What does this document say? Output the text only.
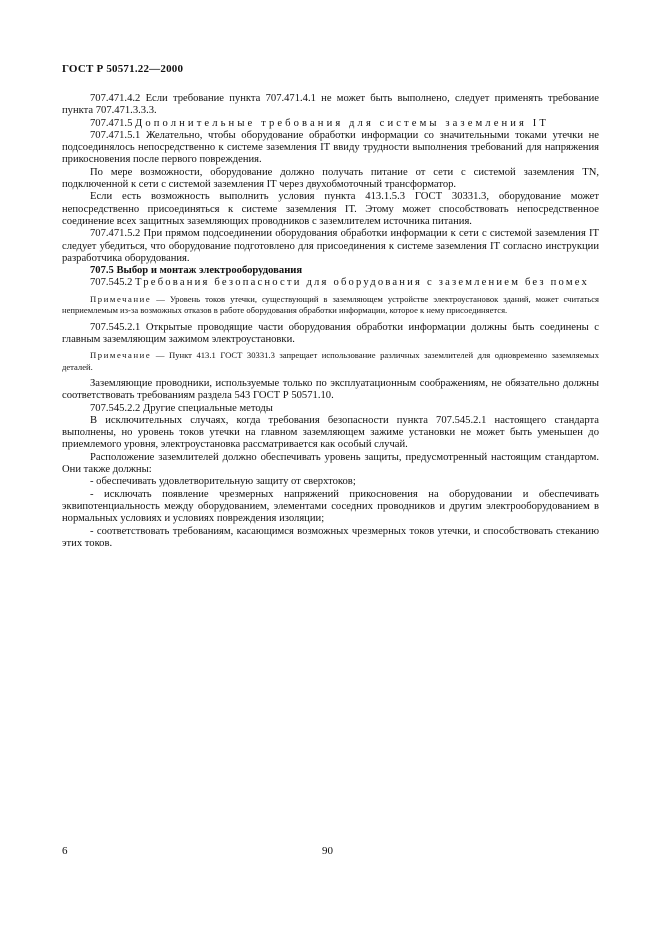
ГОСТ Р 50571.22—2000

707.471.4.2 Если требование пункта 707.471.4.1 не может быть выполнено, следует применять требование пункта 707.471.3.3.3.

707.471.5 Дополнительные требования для системы заземления IT

707.471.5.1 Желательно, чтобы оборудование обработки информации со значительными токами утечки не подсоединялось непосредственно к системе заземления IT ввиду трудности выполнения требований для напряжения прикосновения после первого повреждения.

По мере возможности, оборудование должно получать питание от сети с системой заземления TN, подключенной к сети с системой заземления IT через двухобмоточный трансформатор.

Если есть возможность выполнить условия пункта 413.1.5.3 ГОСТ 30331.3, оборудование может непосредственно присоединяться к системе заземления IT. Этому может способствовать непосредственное соединение всех защитных заземляющих проводников с заземлителем источника питания.

707.471.5.2 При прямом подсоединении оборудования обработки информации к сети с системой заземления IT следует убедиться, что оборудование подготовлено для присоединения к системе заземления IT согласно инструкции разработчика оборудования.

707.5 Выбор и монтаж электрооборудования

707.545.2 Требования безопасности для оборудования с заземлением без помех

Примечание — Уровень токов утечки, существующий в заземляющем устройстве электроустановок зданий, может считаться неприемлемым из-за возможных отказов в работе оборудования обработки информации, которое к нему присоединяется.

707.545.2.1 Открытые проводящие части оборудования обработки информации должны быть соединены с главным заземляющим зажимом электроустановки.

Примечание — Пункт 413.1 ГОСТ 30331.3 запрещает использование различных заземлителей для одновременно заземляемых деталей.

Заземляющие проводники, используемые только по эксплуатационным соображениям, не обязательно должны соответствовать требованиям раздела 543 ГОСТ Р 50571.10.

707.545.2.2 Другие специальные методы

В исключительных случаях, когда требования безопасности пункта 707.545.2.1 настоящего стандарта выполнены, но уровень токов утечки на главном заземляющем зажиме установки не может быть уменьшен до приемлемого уровня, электроустановка рассматривается как особый случай.

Расположение заземлителей должно обеспечивать уровень защиты, предусмотренный настоящим стандартом. Они также должны:

- обеспечивать удовлетворительную защиту от сверхтоков;

- исключать появление чрезмерных напряжений прикосновения на оборудовании и обеспечивать эквипотенциальность между оборудованием, элементами соседних проводников и другим электрооборудованием в нормальных условиях и условиях повреждения изоляции;

- соответствовать требованиям, касающимся возможных чрезмерных токов утечки, и способствовать стеканию этих токов.

6	90
